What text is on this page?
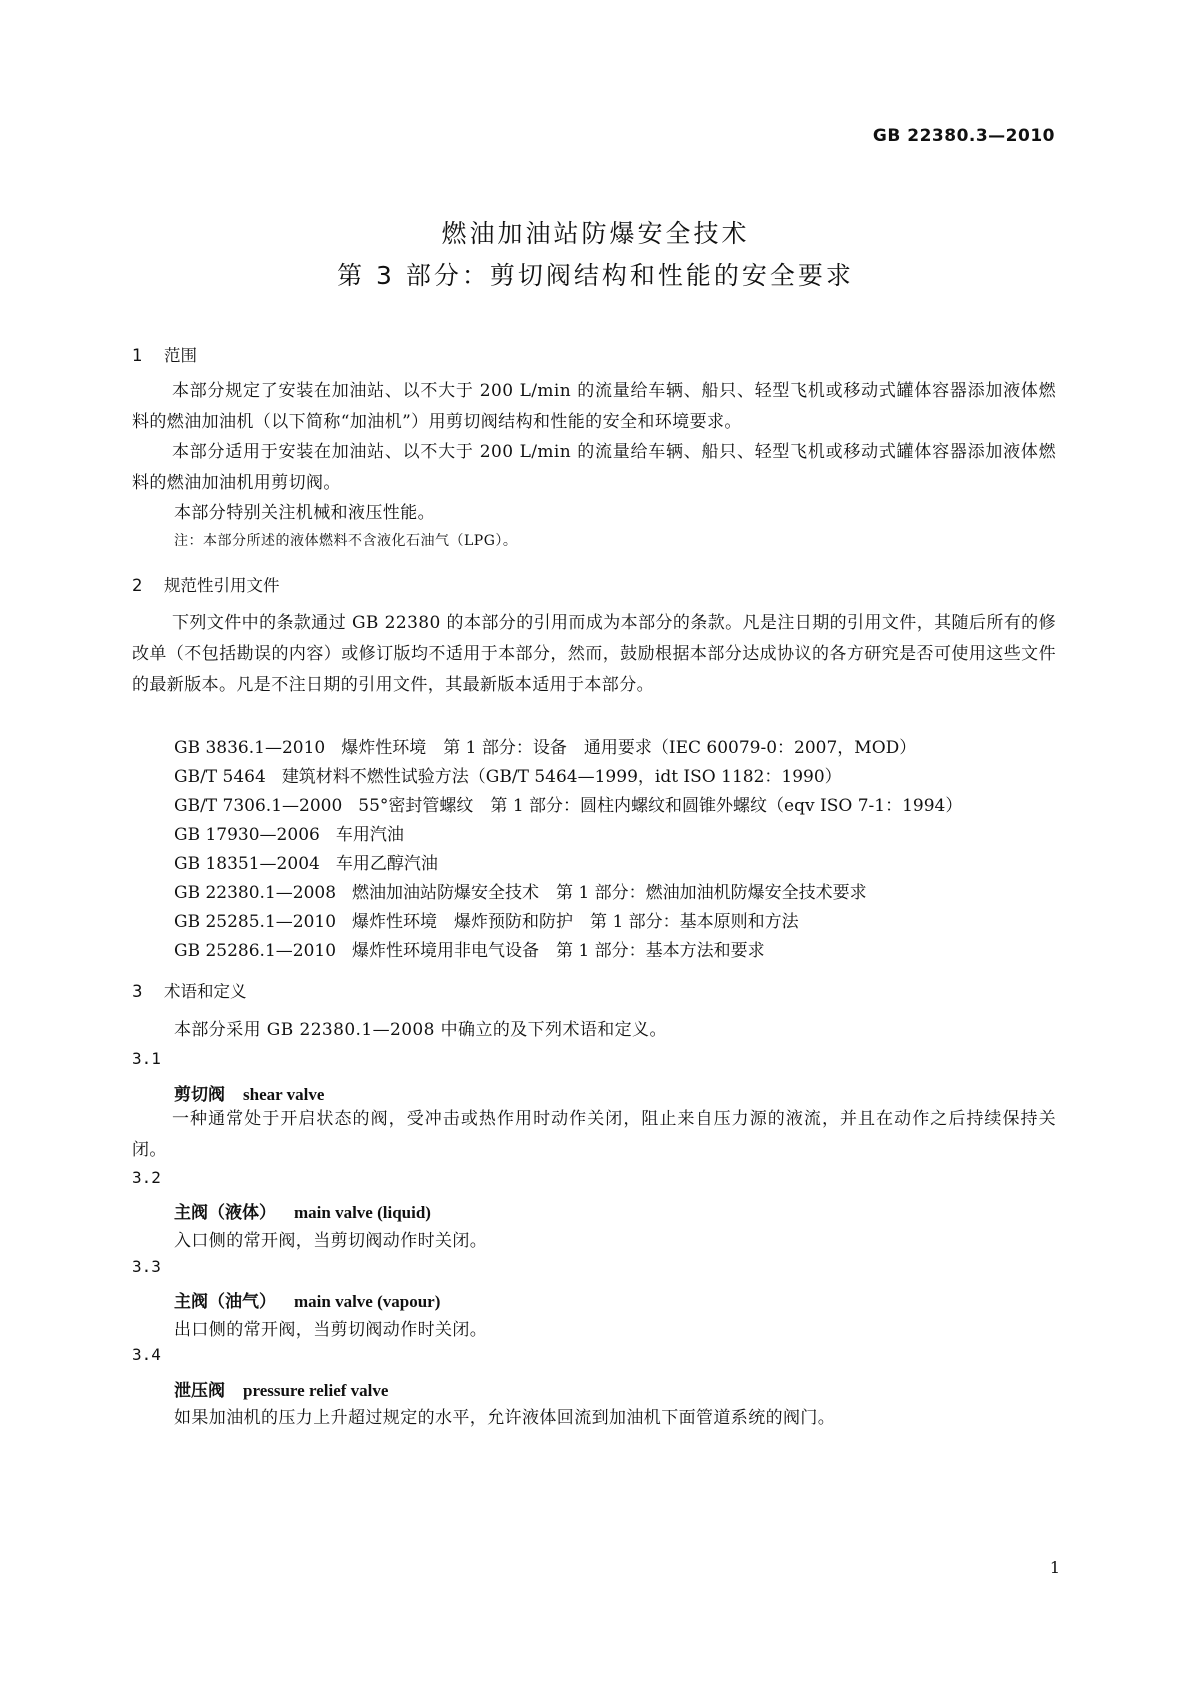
GB 22380.3—2010
燃油加油站防爆安全技术
第 3 部分：剪切阀结构和性能的安全要求
1 范围
本部分规定了安装在加油站、以不大于 200 L/min 的流量给车辆、船只、轻型飞机或移动式罐体容器添加液体燃料的燃油加油机（以下简称“加油机”）用剪切阀结构和性能的安全和环境要求。
本部分适用于安装在加油站、以不大于 200 L/min 的流量给车辆、船只、轻型飞机或移动式罐体容器添加液体燃料的燃油加油机用剪切阀。
本部分特别关注机械和液压性能。
注：本部分所述的液体燃料不含液化石油气（LPG）。
2 规范性引用文件
下列文件中的条款通过 GB 22380 的本部分的引用而成为本部分的条款。凡是注日期的引用文件，其随后所有的修改单（不包括勘误的内容）或修订版均不适用于本部分，然而，鼓励根据本部分达成协议的各方研究是否可使用这些文件的最新版本。凡是不注日期的引用文件，其最新版本适用于本部分。
GB 3836.1—2010 爆炸性环境　第 1 部分：设备　通用要求（IEC 60079-0：2007，MOD）
GB/T 5464 建筑材料不燃性试验方法（GB/T 5464—1999，idt ISO 1182：1990）
GB/T 7306.1—2000 55°密封管螺纹　第 1 部分：圆柱内螺纹和圆锥外螺纹（eqv ISO 7-1：1994）
GB 17930—2006 车用汽油
GB 18351—2004 车用乙醇汽油
GB 22380.1—2008 燃油加油站防爆安全技术　第 1 部分：燃油加油机防爆安全技术要求
GB 25285.1—2010 爆炸性环境　爆炸预防和防护　第 1 部分：基本原则和方法
GB 25286.1—2010 爆炸性环境用非电气设备　第 1 部分：基本方法和要求
3 术语和定义
本部分采用 GB 22380.1—2008 中确立的及下列术语和定义。
3.1
剪切阀 shear valve
一种通常处于开启状态的阀，受冲击或热作用时动作关闭，阻止来自压力源的液流，并且在动作之后持续保持关闭。
3.2
主阀（液体） main valve (liquid)
入口侧的常开阀，当剪切阀动作时关闭。
3.3
主阀（油气） main valve (vapour)
出口侧的常开阀，当剪切阀动作时关闭。
3.4
泄压阀 pressure relief valve
如果加油机的压力上升超过规定的水平，允许液体回流到加油机下面管道系统的阀门。
1
